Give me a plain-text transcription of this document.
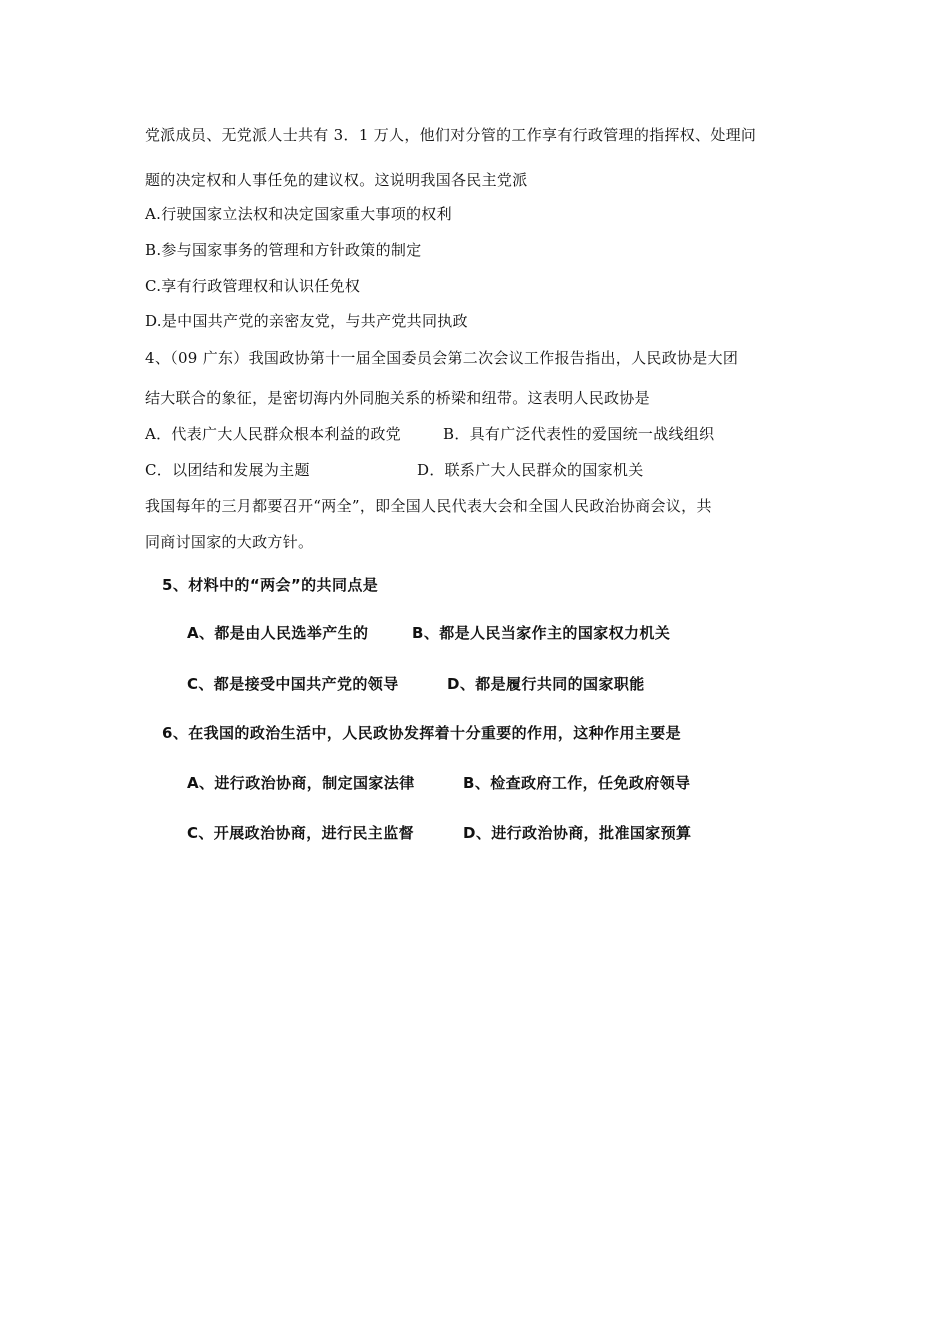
党派成员、无党派人士共有 3．1 万人，他们对分管的工作享有行政管理的指挥权、处理问
题的决定权和人事任免的建议权。这说明我国各民主党派
A.行驶国家立法权和决定国家重大事项的权利
B.参与国家事务的管理和方针政策的制定
C.享有行政管理权和认识任免权
D.是中国共产党的亲密友党，与共产党共同执政
4、（09 广东）我国政协第十一届全国委员会第二次会议工作报告指出，人民政协是大团
结大联合的象征，是密切海内外同胞关系的桥梁和纽带。这表明人民政协是
A．代表广大人民群众根本利益的政党	B．具有广泛代表性的爱国统一战线组织
C．以团结和发展为主题	D．联系广大人民群众的国家机关
我国每年的三月都要召开“两全”，即全国人民代表大会和全国人民政治协商会议，共
同商讨国家的大政方针。
5、材料中的“两会”的共同点是
A、都是由人民选举产生的	B、都是人民当家作主的国家权力机关
C、都是接受中国共产党的领导	D、都是履行共同的国家职能
6、在我国的政治生活中，人民政协发挥着十分重要的作用，这种作用主要是
A、进行政治协商，制定国家法律	B、检查政府工作，任免政府领导
C、开展政治协商，进行民主监督	D、进行政治协商，批准国家预算
